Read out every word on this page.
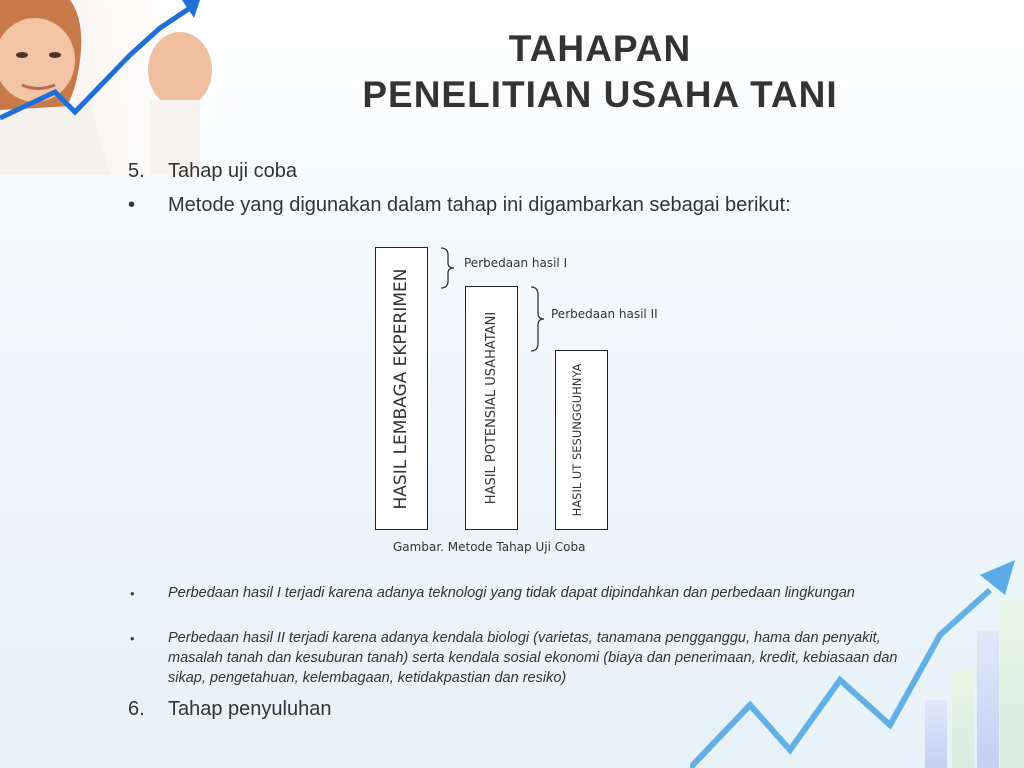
TAHAPAN
PENELITIAN USAHA TANI
5. Tahap uji coba
• Metode yang digunakan dalam tahap ini digambarkan sebagai berikut:
HASIL LEMBAGA EKPERIMEN	HASIL POTENSIAL USAHATANI	HASIL UT SESUNGGUHNYA
Perbedaan hasil I
Perbedaan hasil II
Gambar. Metode Tahap Uji Coba
• Perbedaan hasil I terjadi karena adanya teknologi yang tidak dapat dipindahkan dan perbedaan lingkungan
• Perbedaan hasil II terjadi karena adanya kendala biologi (varietas, tanamana pengganggu, hama dan penyakit, masalah tanah dan kesuburan tanah) serta kendala sosial ekonomi (biaya dan penerimaan, kredit, kebiasaan dan sikap, pengetahuan, kelembagaan, ketidakpastian dan resiko)
6. Tahap penyuluhan
